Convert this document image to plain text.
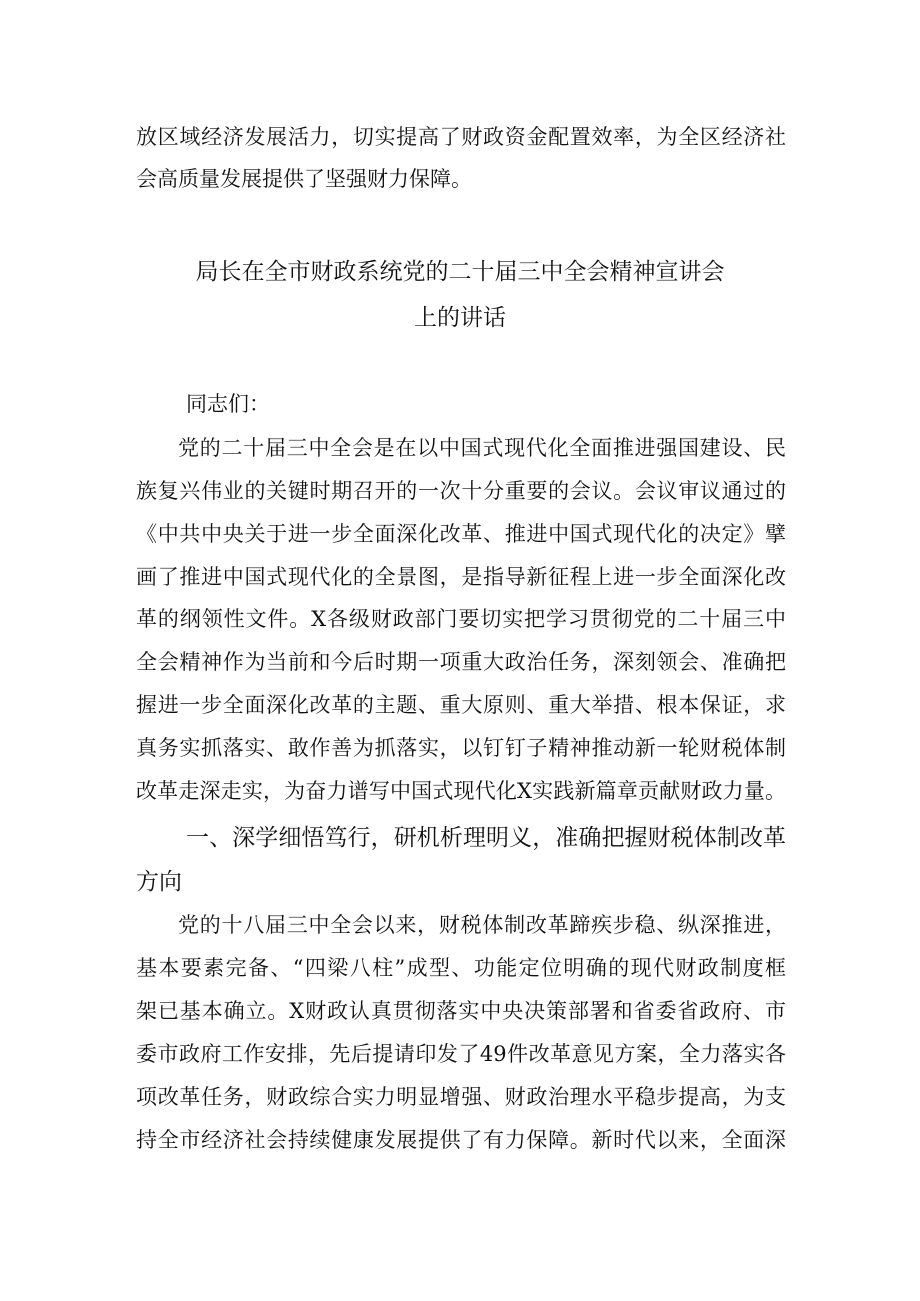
放区域经济发展活力，切实提高了财政资金配置效率，为全区经济社
会高质量发展提供了坚强财力保障。
局长在全市财政系统党的二十届三中全会精神宣讲会
上的讲话
同志们：
党的二十届三中全会是在以中国式现代化全面推进强国建设、民
族复兴伟业的关键时期召开的一次十分重要的会议。会议审议通过的
《中共中央关于进一步全面深化改革、推进中国式现代化的决定》擘
画了推进中国式现代化的全景图，是指导新征程上进一步全面深化改
革的纲领性文件。X各级财政部门要切实把学习贯彻党的二十届三中
全会精神作为当前和今后时期一项重大政治任务，深刻领会、准确把
握进一步全面深化改革的主题、重大原则、重大举措、根本保证，求
真务实抓落实、敢作善为抓落实，以钉钉子精神推动新一轮财税体制
改革走深走实，为奋力谱写中国式现代化X实践新篇章贡献财政力量。
一、深学细悟笃行，研机析理明义，准确把握财税体制改革
方向
党的十八届三中全会以来，财税体制改革蹄疾步稳、纵深推进，
基本要素完备、“四梁八柱”成型、功能定位明确的现代财政制度框
架已基本确立。X财政认真贯彻落实中央决策部署和省委省政府、市
委市政府工作安排，先后提请印发了49件改革意见方案，全力落实各
项改革任务，财政综合实力明显增强、财政治理水平稳步提高，为支
持全市经济社会持续健康发展提供了有力保障。新时代以来，全面深
